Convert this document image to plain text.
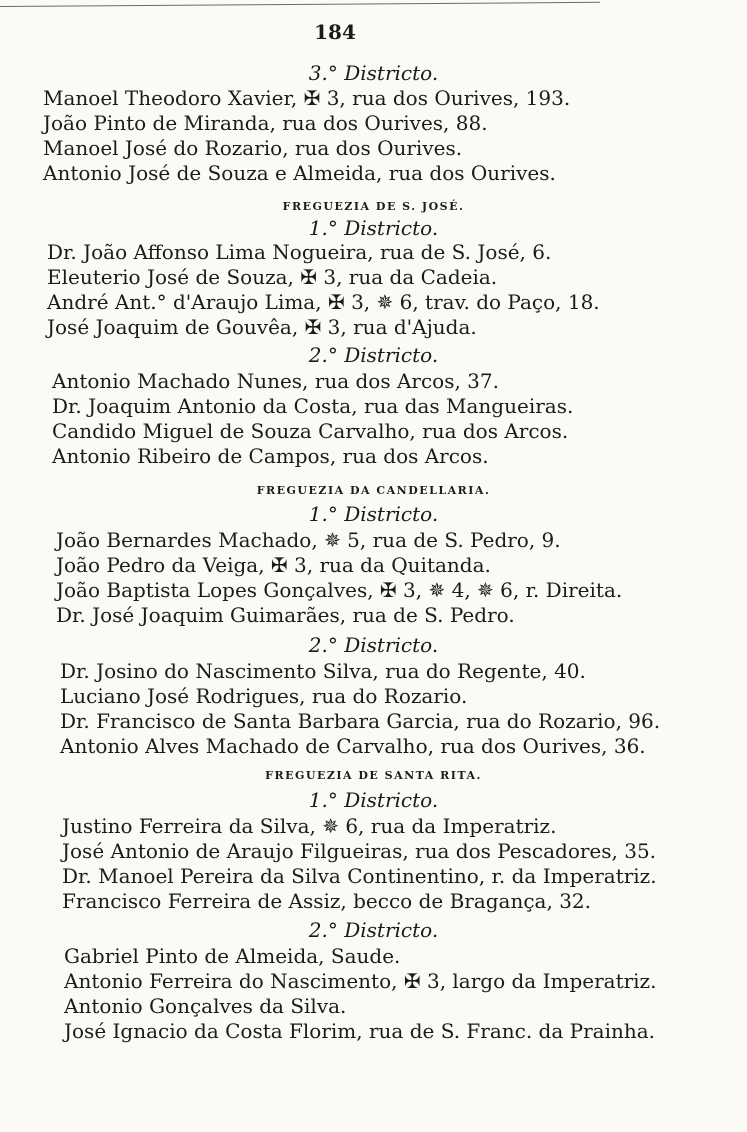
184
3.° Districto.
Manoel Theodoro Xavier, ✠ 3, rua dos Ourives, 193.
João Pinto de Miranda, rua dos Ourives, 88.
Manoel José do Rozario, rua dos Ourives.
Antonio José de Souza e Almeida, rua dos Ourives.
FREGUEZIA DE S. JOSÉ.
1.° Districto.
Dr. João Affonso Lima Nogueira, rua de S. José, 6.
Eleuterio José de Souza, ✠ 3, rua da Cadeia.
André Ant.° d'Araujo Lima, ✠ 3, ✵ 6, trav. do Paço, 18.
José Joaquim de Gouvêa, ✠ 3, rua d'Ajuda.
2.° Districto.
Antonio Machado Nunes, rua dos Arcos, 37.
Dr. Joaquim Antonio da Costa, rua das Mangueiras.
Candido Miguel de Souza Carvalho, rua dos Arcos.
Antonio Ribeiro de Campos, rua dos Arcos.
FREGUEZIA DA CANDELLARIA.
1.° Districto.
João Bernardes Machado, ✵ 5, rua de S. Pedro, 9.
João Pedro da Veiga, ✠ 3, rua da Quitanda.
João Baptista Lopes Gonçalves, ✠ 3, ✵ 4, ✵ 6, r. Direita.
Dr. José Joaquim Guimarães, rua de S. Pedro.
2.° Districto.
Dr. Josino do Nascimento Silva, rua do Regente, 40.
Luciano José Rodrigues, rua do Rozario.
Dr. Francisco de Santa Barbara Garcia, rua do Rozario, 96.
Antonio Alves Machado de Carvalho, rua dos Ourives, 36.
FREGUEZIA DE SANTA RITA.
1.° Districto.
Justino Ferreira da Silva, ✵ 6, rua da Imperatriz.
José Antonio de Araujo Filgueiras, rua dos Pescadores, 35.
Dr. Manoel Pereira da Silva Continentino, r. da Imperatriz.
Francisco Ferreira de Assiz, becco de Bragança, 32.
2.° Districto.
Gabriel Pinto de Almeida, Saude.
Antonio Ferreira do Nascimento, ✠ 3, largo da Imperatriz.
Antonio Gonçalves da Silva.
José Ignacio da Costa Florim, rua de S. Franc. da Prainha.
